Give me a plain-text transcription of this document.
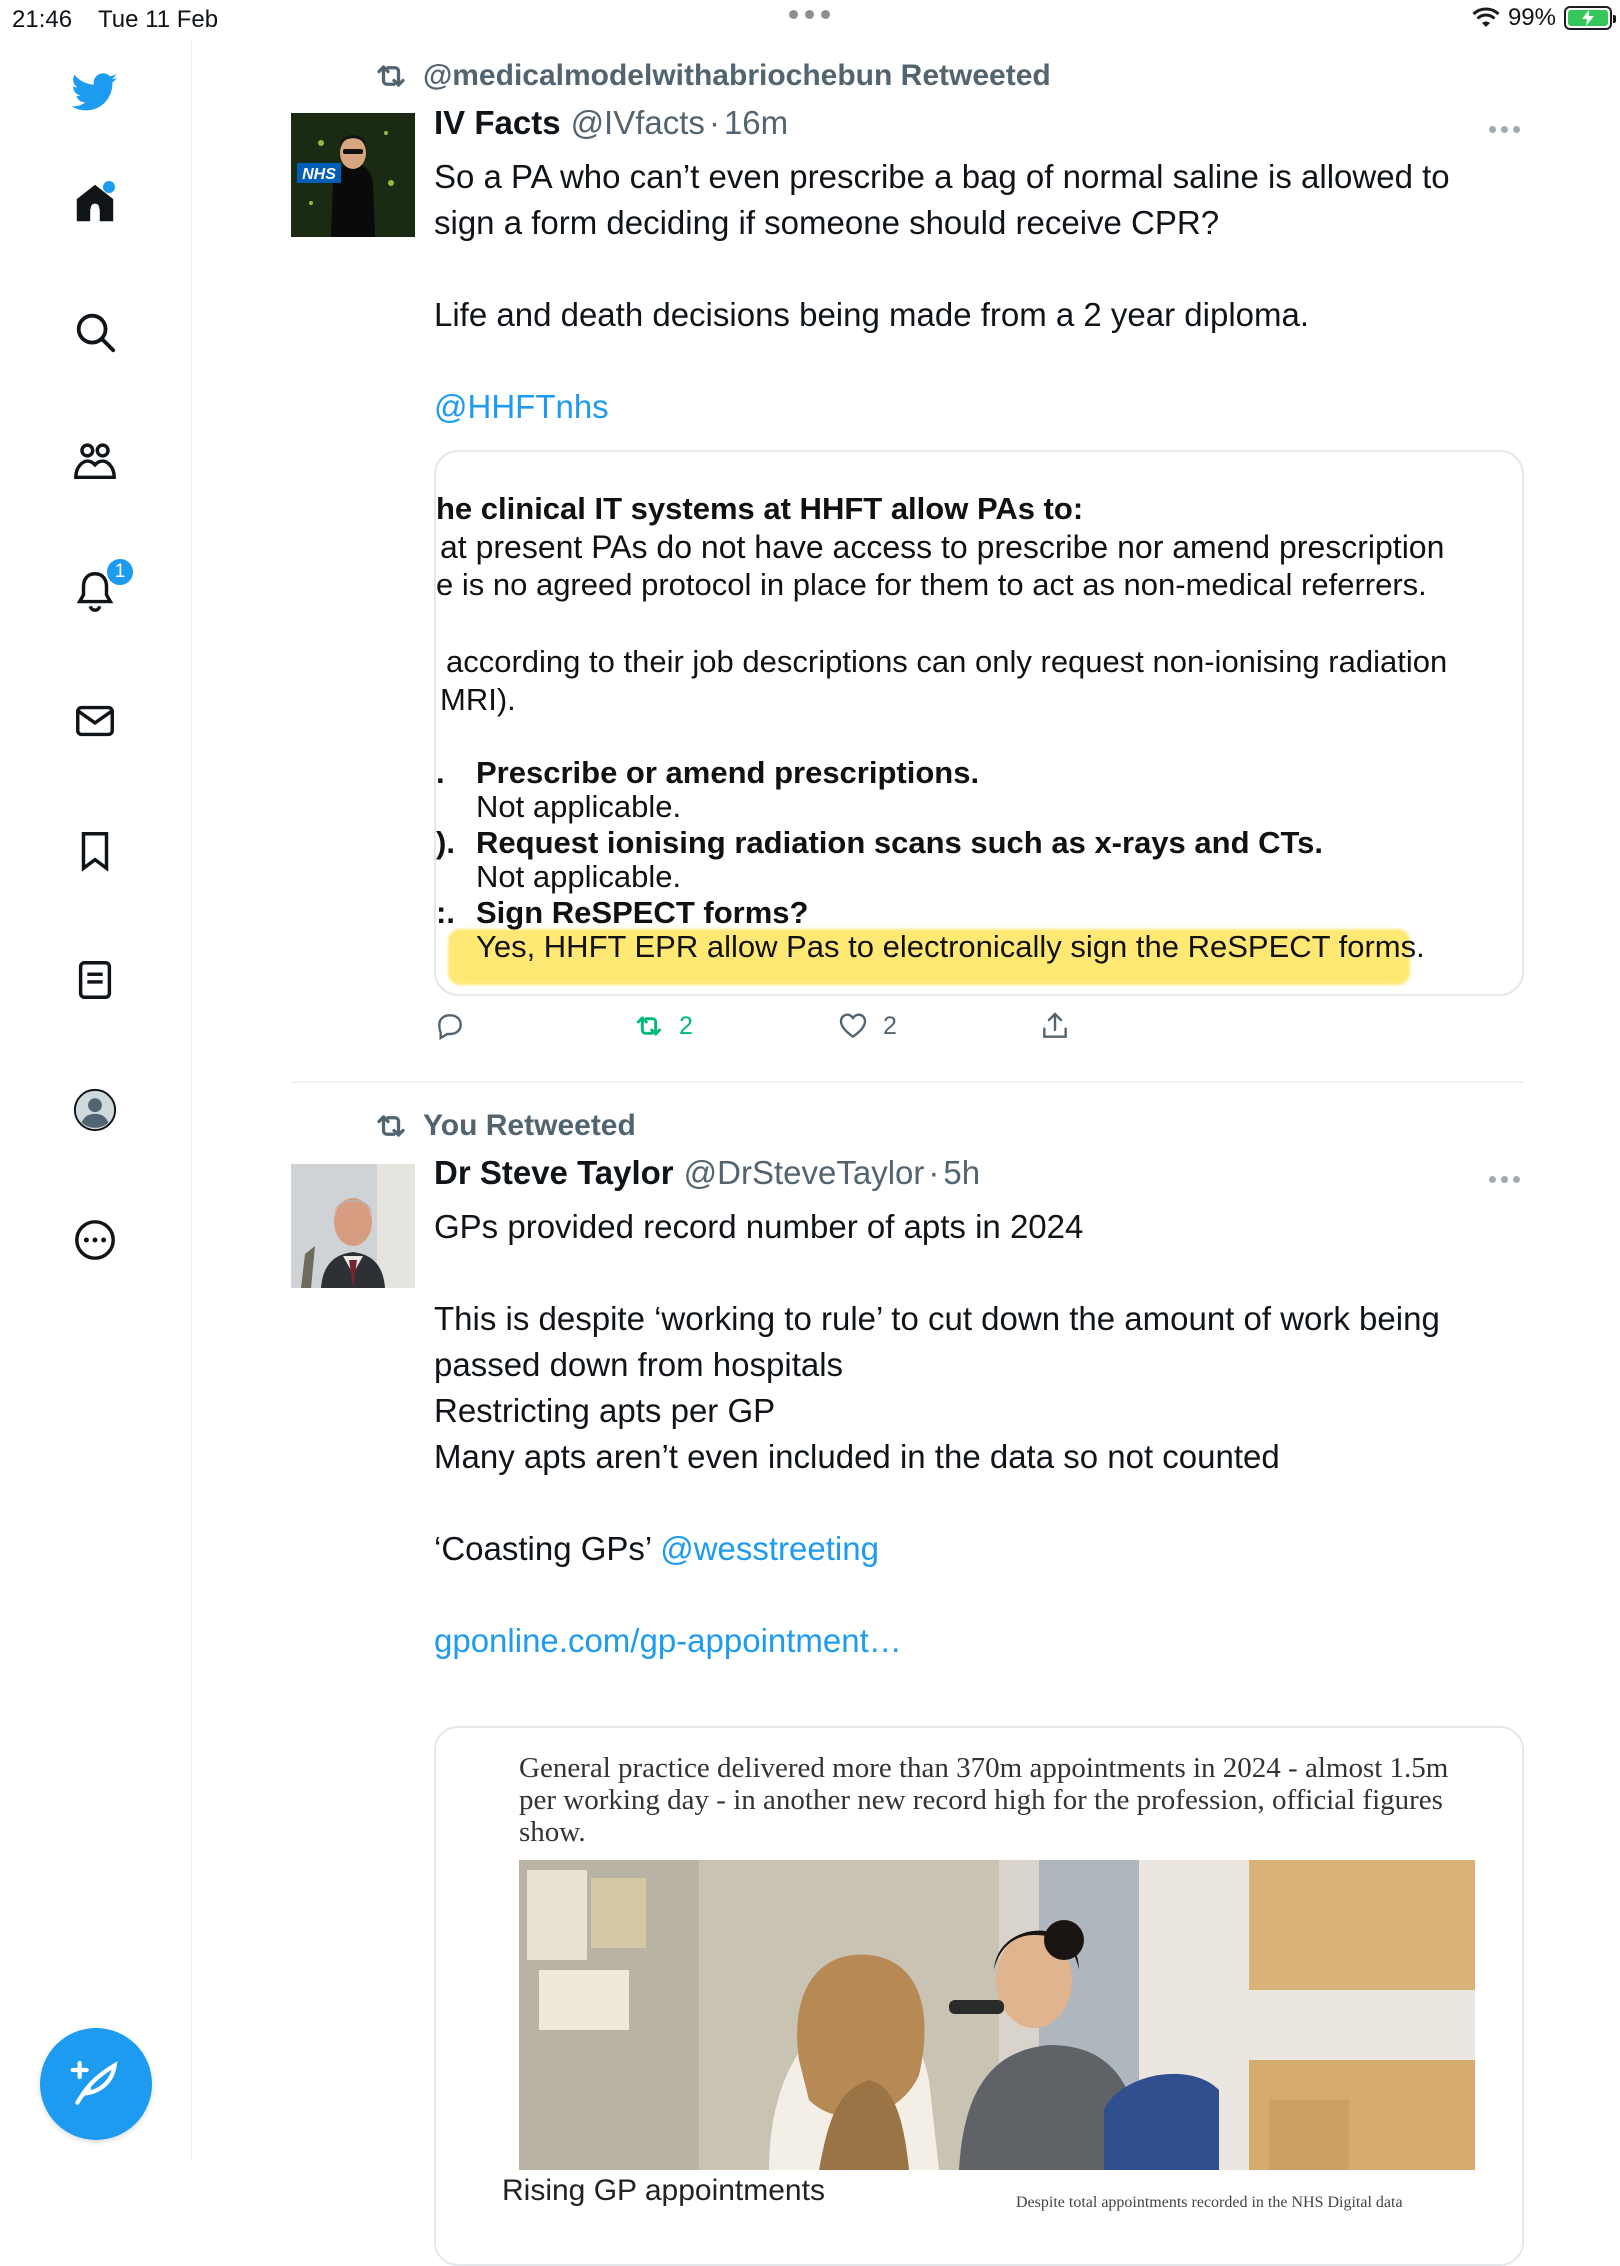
21:46 Tue 11 Feb	99%
1
@medicalmodelwithabriochebun Retweeted
NHS
IV Facts @IVfacts · 16m

So a PA who can’t even prescribe a bag of normal saline is allowed to

sign a form deciding if someone should receive CPR?

Life and death decisions being made from a 2 year diploma.

@HHFTnhs

he clinical IT systems at HHFT allow PAs to:
at present PAs do not have access to prescribe nor amend prescription
e is no agreed protocol in place for them to act as non-medical referrers.
according to their job descriptions can only request non-ionising radiation
MRI).
. Prescribe or amend prescriptions.
Not applicable.
). Request ionising radiation scans such as x-rays and CTs.
Not applicable.
:. Sign ReSPECT forms?
Yes, HHFT EPR allow Pas to electronically sign the ReSPECT forms.
2	2
You Retweeted
Dr Steve Taylor @DrSteveTaylor · 5h

GPs provided record number of apts in 2024

This is despite ‘working to rule’ to cut down the amount of work being

passed down from hospitals

Restricting apts per GP

Many apts aren’t even included in the data so not counted

‘Coasting GPs’ @wesstreeting

gponline.com/gp-appointment…

General practice delivered more than 370m appointments in 2024 - almost 1.5m per working day - in another new record high for the profession, official figures show.
Rising GP appointments	Despite total appointments recorded in the NHS Digital data
